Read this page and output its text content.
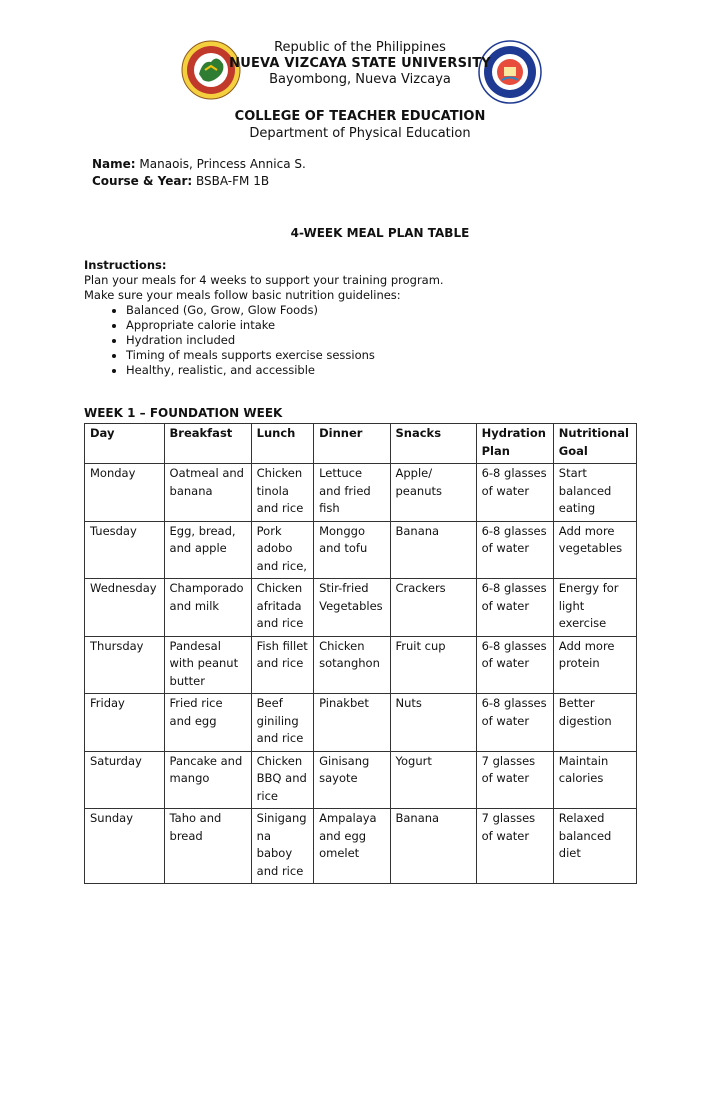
Republic of the Philippines
NUEVA VIZCAYA STATE UNIVERSITY
Bayombong, Nueva Vizcaya
COLLEGE OF TEACHER EDUCATION
Department of Physical Education
Name: Manaois, Princess Annica S.
Course & Year: BSBA-FM 1B
4-WEEK MEAL PLAN TABLE
Instructions:
Plan your meals for 4 weeks to support your training program.
Make sure your meals follow basic nutrition guidelines:
• Balanced (Go, Grow, Glow Foods)
• Appropriate calorie intake
• Hydration included
• Timing of meals supports exercise sessions
• Healthy, realistic, and accessible
WEEK 1 – FOUNDATION WEEK
Day	Breakfast	Lunch	Dinner	Snacks	Hydration Plan	Nutritional Goal
Monday	Oatmeal and banana	Chicken tinola and rice	Lettuce and fried fish	Apple/ peanuts	6-8 glasses of water	Start balanced eating
Tuesday	Egg, bread, and apple	Pork adobo and rice,	Monggo and tofu	Banana	6-8 glasses of water	Add more vegetables
Wednesday	Champorado and milk	Chicken afritada and rice	Stir-fried Vegetables	Crackers	6-8 glasses of water	Energy for light exercise
Thursday	Pandesal with peanut butter	Fish fillet and rice	Chicken sotanghon	Fruit cup	6-8 glasses of water	Add more protein
Friday	Fried rice and egg	Beef giniling and rice	Pinakbet	Nuts	6-8 glasses of water	Better digestion
Saturday	Pancake and mango	Chicken BBQ and rice	Ginisang sayote	Yogurt	7 glasses of water	Maintain calories
Sunday	Taho and bread	Sinigang na baboy and rice	Ampalaya and egg omelet	Banana	7 glasses of water	Relaxed balanced diet
